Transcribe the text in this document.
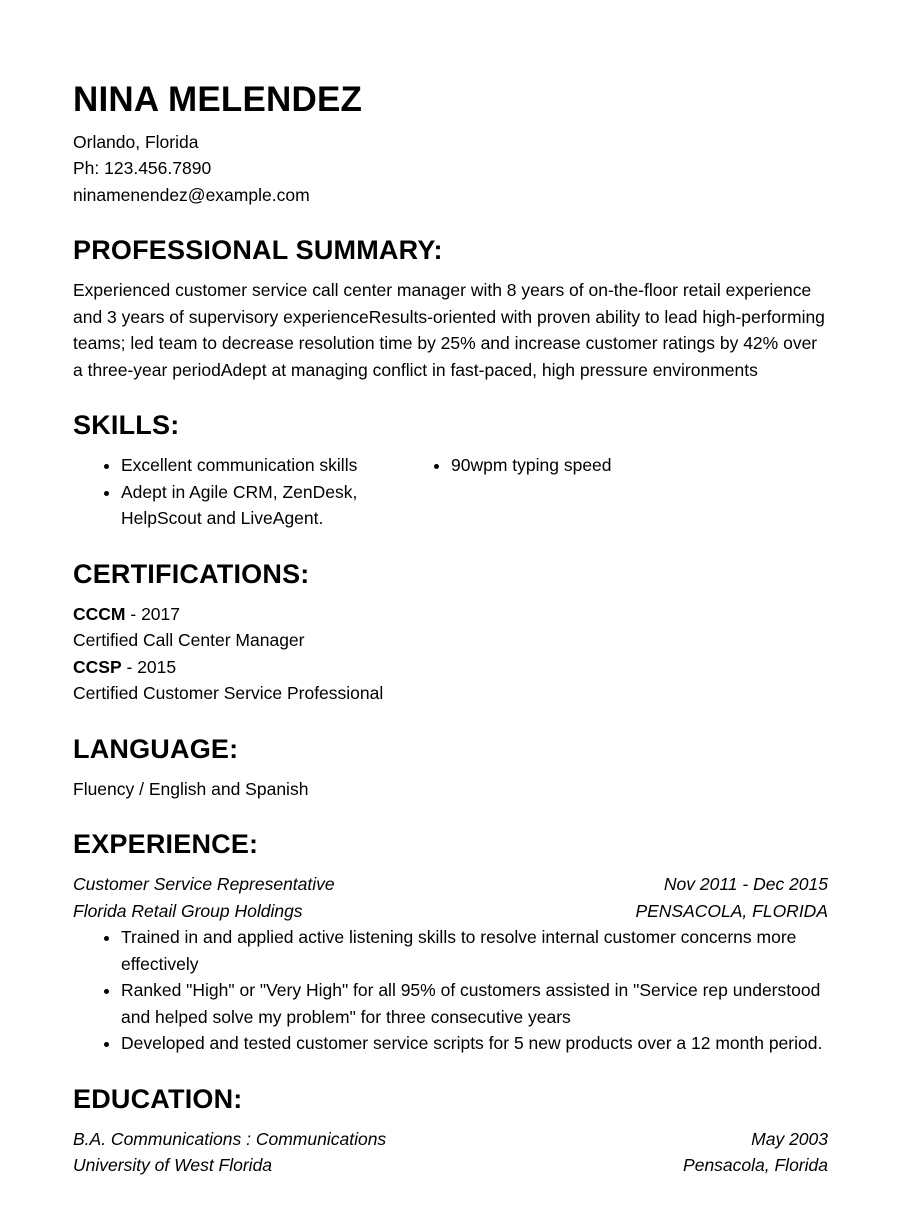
NINA MELENDEZ
Orlando, Florida
Ph: 123.456.7890
ninamenendez@example.com
PROFESSIONAL SUMMARY:

Experienced customer service call center manager with 8 years of on-the-floor retail experience and 3 years of supervisory experienceResults-oriented with proven ability to lead high-performing teams; led team to decrease resolution time by 25% and increase customer ratings by 42% over a three-year periodAdept at managing conflict in fast-paced, high pressure environments

SKILLS:
• Excellent communication skills
• Adept in Agile CRM, ZenDesk, HelpScout and LiveAgent.
• 90wpm typing speed
CERTIFICATIONS:
CCCM - 2017
Certified Call Center Manager
CCSP - 2015
Certified Customer Service Professional
LANGUAGE:

Fluency / English and Spanish

EXPERIENCE:
Customer Service Representative	Nov 2011 - Dec 2015
Florida Retail Group Holdings	PENSACOLA, FLORIDA
• Trained in and applied active listening skills to resolve internal customer concerns more effectively
• Ranked "High" or "Very High" for all 95% of customers assisted in "Service rep understood and helped solve my problem" for three consecutive years
• Developed and tested customer service scripts for 5 new products over a 12 month period.
EDUCATION:
B.A. Communications : Communications	May 2003
University of West Florida	Pensacola, Florida
